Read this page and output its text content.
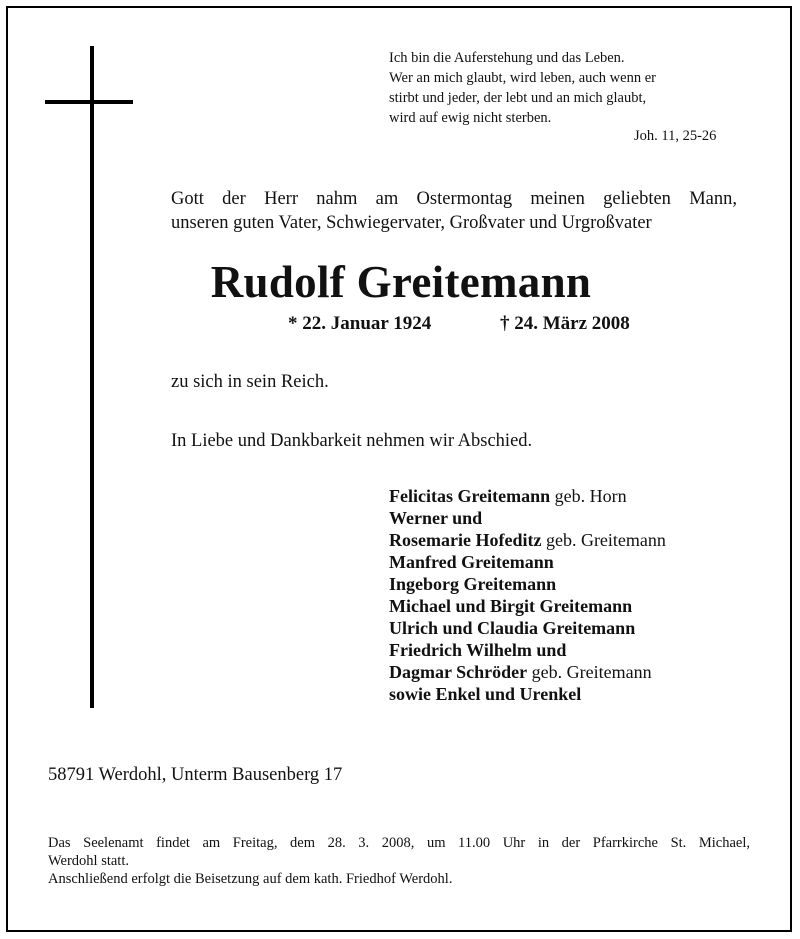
Ich bin die Auferstehung und das Leben.
Wer an mich glaubt, wird leben, auch wenn er
stirbt und jeder, der lebt und an mich glaubt,
wird auf ewig nicht sterben.
Joh. 11, 25-26
Gott der Herr nahm am Ostermontag meinen geliebten Mann,
unseren guten Vater, Schwiegervater, Großvater und Urgroßvater
Rudolf Greitemann
* 22. Januar 1924	† 24. März 2008
zu sich in sein Reich.
In Liebe und Dankbarkeit nehmen wir Abschied.
Felicitas Greitemann geb. Horn
Werner und
Rosemarie Hofeditz geb. Greitemann
Manfred Greitemann
Ingeborg Greitemann
Michael und Birgit Greitemann
Ulrich und Claudia Greitemann
Friedrich Wilhelm und
Dagmar Schröder geb. Greitemann
sowie Enkel und Urenkel
58791 Werdohl, Unterm Bausenberg 17
Das Seelenamt findet am Freitag, dem 28. 3. 2008, um 11.00 Uhr in der Pfarrkirche St. Michael,
Werdohl statt.
Anschließend erfolgt die Beisetzung auf dem kath. Friedhof Werdohl.
